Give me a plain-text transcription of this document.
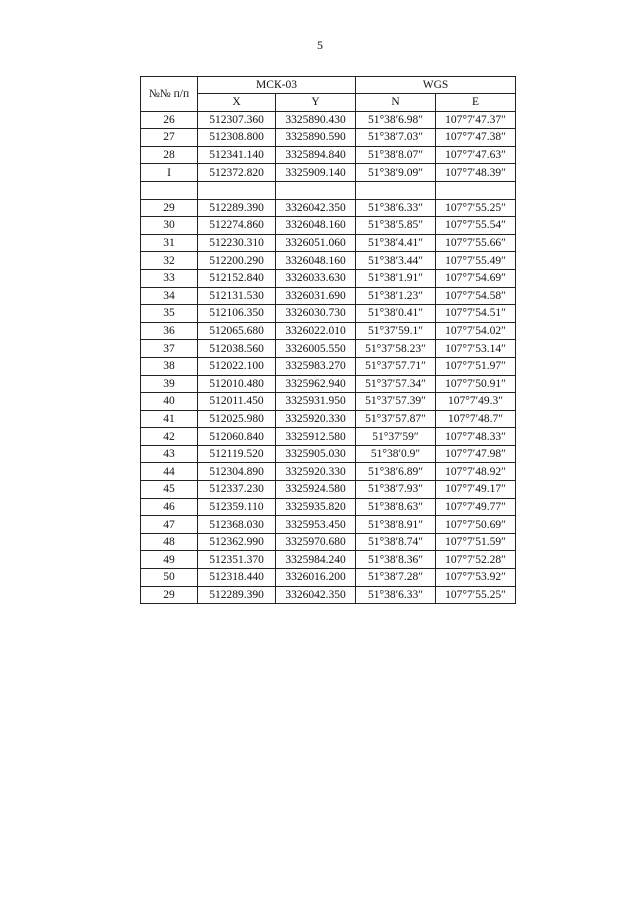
5
№№ п/п	МСК-03		WGS	
	X	Y	N	E
26	512307.360	3325890.430	51°38′6.98″	107°7′47.37″
27	512308.800	3325890.590	51°38′7.03″	107°7′47.38″
28	512341.140	3325894.840	51°38′8.07″	107°7′47.63″
I	512372.820	3325909.140	51°38′9.09″	107°7′48.39″

29	512289.390	3326042.350	51°38′6.33″	107°7′55.25″
30	512274.860	3326048.160	51°38′5.85″	107°7′55.54″
31	512230.310	3326051.060	51°38′4.41″	107°7′55.66″
32	512200.290	3326048.160	51°38′3.44″	107°7′55.49″
33	512152.840	3326033.630	51°38′1.91″	107°7′54.69″
34	512131.530	3326031.690	51°38′1.23″	107°7′54.58″
35	512106.350	3326030.730	51°38′0.41″	107°7′54.51″
36	512065.680	3326022.010	51°37′59.1″	107°7′54.02″
37	512038.560	3326005.550	51°37′58.23″	107°7′53.14″
38	512022.100	3325983.270	51°37′57.71″	107°7′51.97″
39	512010.480	3325962.940	51°37′57.34″	107°7′50.91″
40	512011.450	3325931.950	51°37′57.39″	107°7′49.3″
41	512025.980	3325920.330	51°37′57.87″	107°7′48.7″
42	512060.840	3325912.580	51°37′59″	107°7′48.33″
43	512119.520	3325905.030	51°38′0.9″	107°7′47.98″
44	512304.890	3325920.330	51°38′6.89″	107°7′48.92″
45	512337.230	3325924.580	51°38′7.93″	107°7′49.17″
46	512359.110	3325935.820	51°38′8.63″	107°7′49.77″
47	512368.030	3325953.450	51°38′8.91″	107°7′50.69″
48	512362.990	3325970.680	51°38′8.74″	107°7′51.59″
49	512351.370	3325984.240	51°38′8.36″	107°7′52.28″
50	512318.440	3326016.200	51°38′7.28″	107°7′53.92″
29	512289.390	3326042.350	51°38′6.33″	107°7′55.25″
